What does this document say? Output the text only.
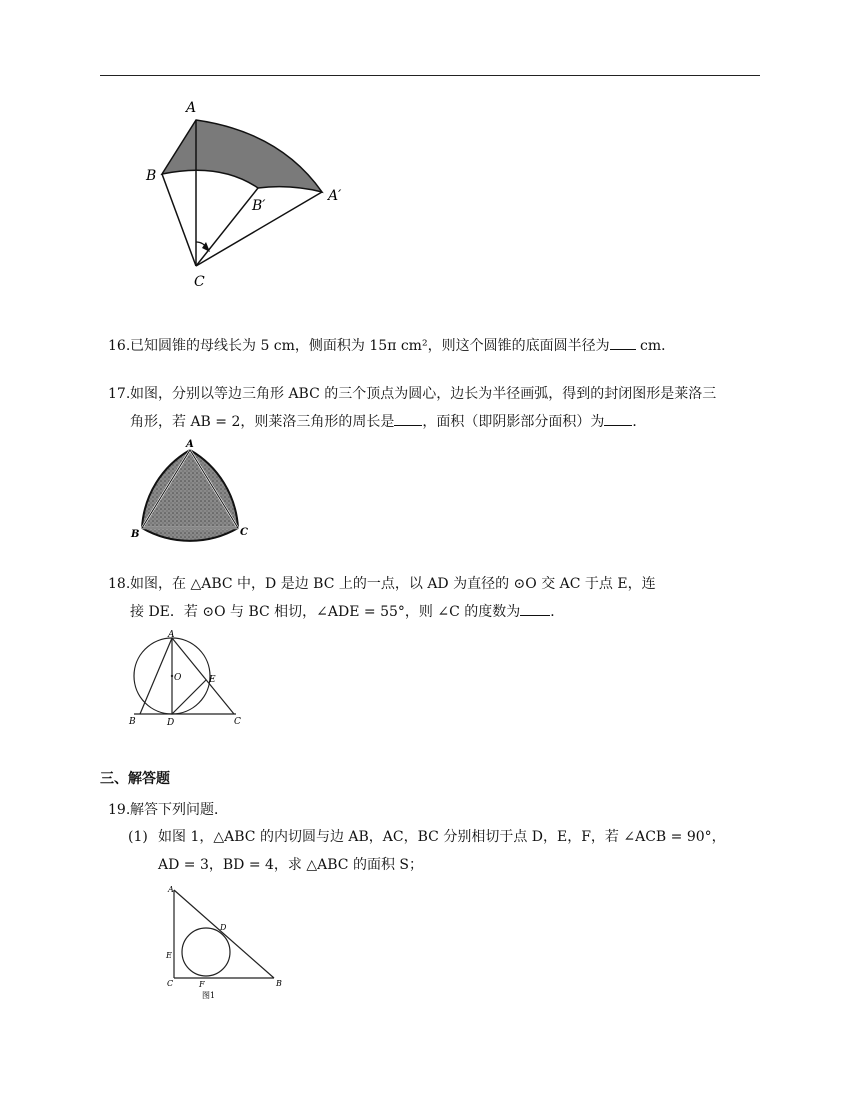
A
B
B′
A′
C
16.已知圆锥的母线长为 5 cm，侧面积为 15π cm²，则这个圆锥的底面圆半径为 cm．
17.如图，分别以等边三角形 ABC 的三个顶点为圆心，边长为半径画弧，得到的封闭图形是莱洛三
角形，若 AB = 2，则莱洛三角形的周长是 ，面积（即阴影部分面积）为 ．
A
B	C
18.如图，在 △ABC 中，D 是边 BC 上的一点，以 AD 为直径的 ⊙O 交 AC 于点 E，连
接 DE．若 ⊙O 与 BC 相切，∠ADE = 55°，则 ∠C 的度数为 ．
A
O	E
B	D	C
三、解答题
19.解答下列问题．
(1) 如图 1，△ABC 的内切圆与边 AB，AC，BC 分别相切于点 D，E，F，若 ∠ACB = 90°，
AD = 3，BD = 4，求 △ABC 的面积 S；
A
D
E
C	F	B
图1
